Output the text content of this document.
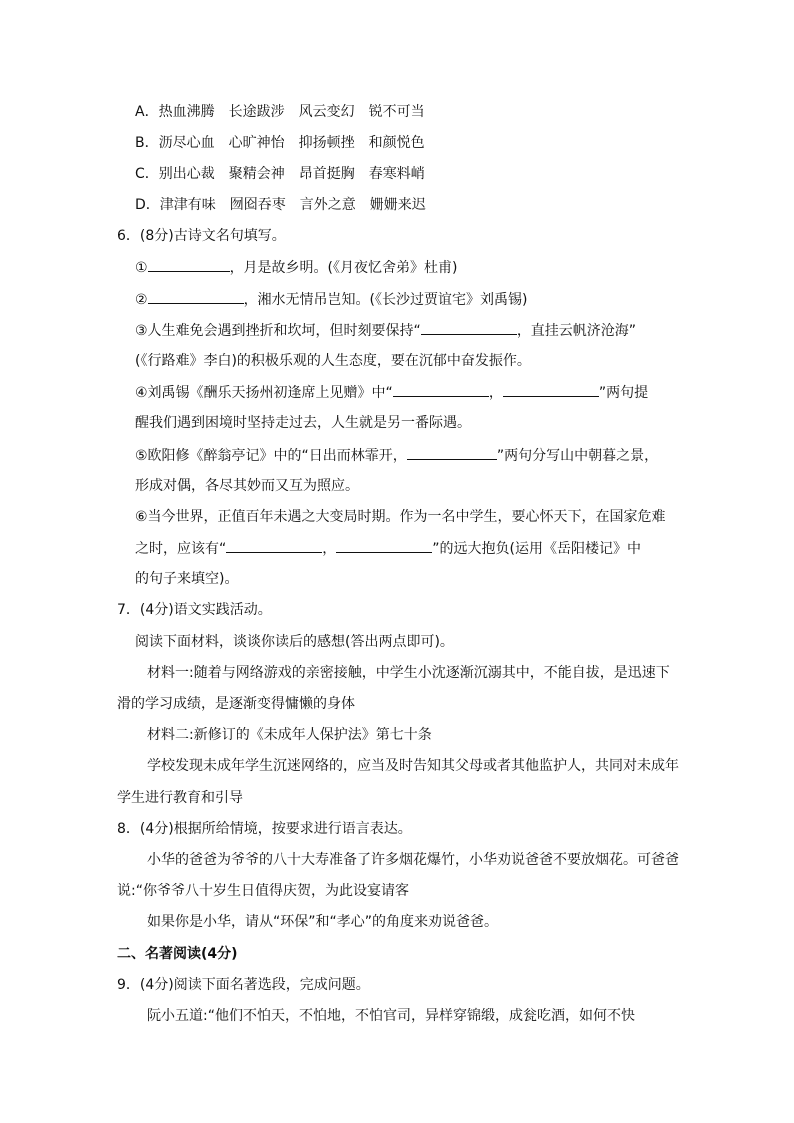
A．热血沸腾 长途跋涉 风云变幻 锐不可当
B．沥尽心血 心旷神怡 抑扬顿挫 和颜悦色
C．别出心裁 聚精会神 昂首挺胸 春寒料峭
D．津津有味 囫囵吞枣 言外之意 姗姗来迟
6．(8分)古诗文名句填写。
①	，月是故乡明。(《月夜忆舍弟》杜甫)
②	，湘水无情吊岂知。(《长沙过贾谊宅》刘禹锡)
③人生难免会遇到挫折和坎坷，但时刻要保持“	，直挂云帆济沧海”
(《行路难》李白)的积极乐观的人生态度，要在沉郁中奋发振作。
④刘禹锡《酬乐天扬州初逢席上见赠》中“	，	”两句提
醒我们遇到困境时坚持走过去，人生就是另一番际遇。
⑤欧阳修《醉翁亭记》中的“日出而林霏开，	”两句分写山中朝暮之景，
形成对偶，各尽其妙而又互为照应。
⑥当今世界，正值百年未遇之大变局时期。作为一名中学生，要心怀天下，在国家危难
之时，应该有“	，	”的远大抱负(运用《岳阳楼记》中
的句子来填空)。
7．(4分)语文实践活动。
阅读下面材料，谈谈你读后的感想(答出两点即可)。
材料一:随着与网络游戏的亲密接触，中学生小沈逐渐沉溺其中，不能自拔，是迅速下
滑的学习成绩，是逐渐变得慵懒的身体
材料二:新修订的《未成年人保护法》第七十条
学校发现未成年学生沉迷网络的，应当及时告知其父母或者其他监护人，共同对未成年
学生进行教育和引导
8．(4分)根据所给情境，按要求进行语言表达。
小华的爸爸为爷爷的八十大寿准备了许多烟花爆竹，小华劝说爸爸不要放烟花。可爸爸
说:“你爷爷八十岁生日值得庆贺，为此设宴请客
如果你是小华，请从“环保”和“孝心”的角度来劝说爸爸。
二、名著阅读(4分)
9．(4分)阅读下面名著选段，完成问题。
阮小五道:“他们不怕天，不怕地，不怕官司，异样穿锦缎，成瓮吃酒，如何不快
